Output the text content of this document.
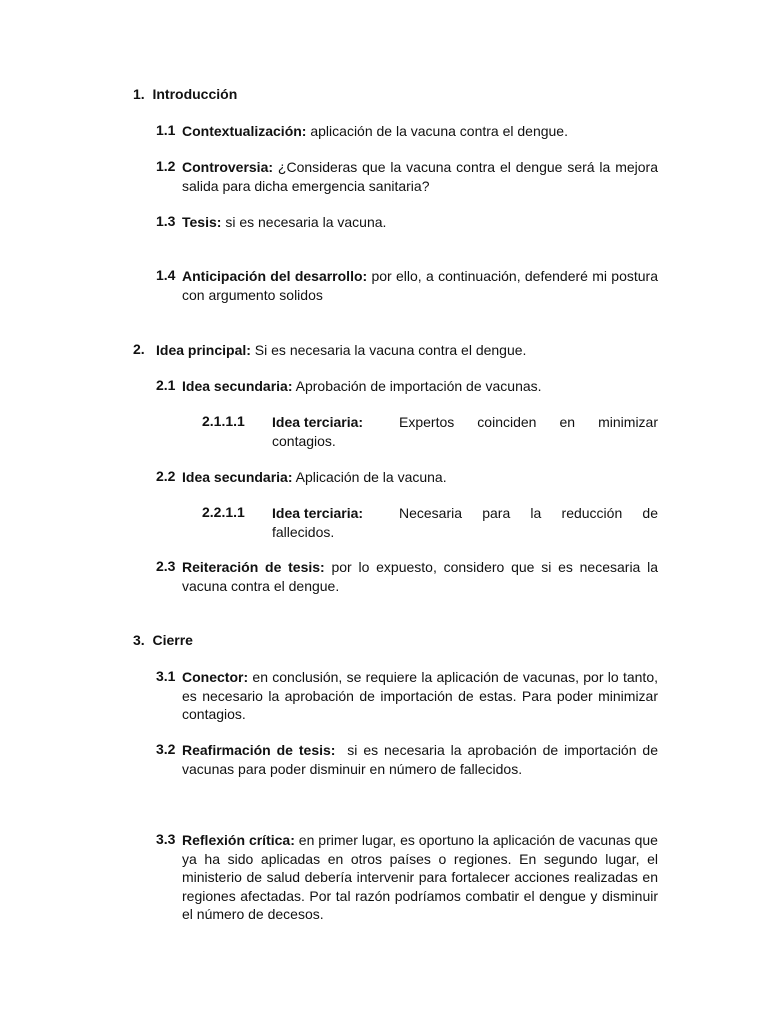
1. Introducción
1.1 Contextualización: aplicación de la vacuna contra el dengue.
1.2 Controversia: ¿Consideras que la vacuna contra el dengue será la mejora salida para dicha emergencia sanitaria?
1.3 Tesis: si es necesaria la vacuna.
1.4 Anticipación del desarrollo: por ello, a continuación, defenderé mi postura con argumento solidos
2. Idea principal: Si es necesaria la vacuna contra el dengue.
2.1 Idea secundaria: Aprobación de importación de vacunas.
2.1.1.1 Idea terciaria:	Expertos coinciden en minimizar contagios.
2.2 Idea secundaria: Aplicación de la vacuna.
2.2.1.1 Idea terciaria:	Necesaria para la reducción de fallecidos.
2.3 Reiteración de tesis: por lo expuesto, considero que si es necesaria la vacuna contra el dengue.
3. Cierre
3.1 Conector: en conclusión, se requiere la aplicación de vacunas, por lo tanto, es necesario la aprobación de importación de estas. Para poder minimizar contagios.
3.2 Reafirmación de tesis:  si es necesaria la aprobación de importación de vacunas para poder disminuir en número de fallecidos.
3.3 Reflexión crítica: en primer lugar, es oportuno la aplicación de vacunas que ya ha sido aplicadas en otros países o regiones. En segundo lugar, el ministerio de salud debería intervenir para fortalecer acciones realizadas en regiones afectadas. Por tal razón podríamos combatir el dengue y disminuir el número de decesos.
